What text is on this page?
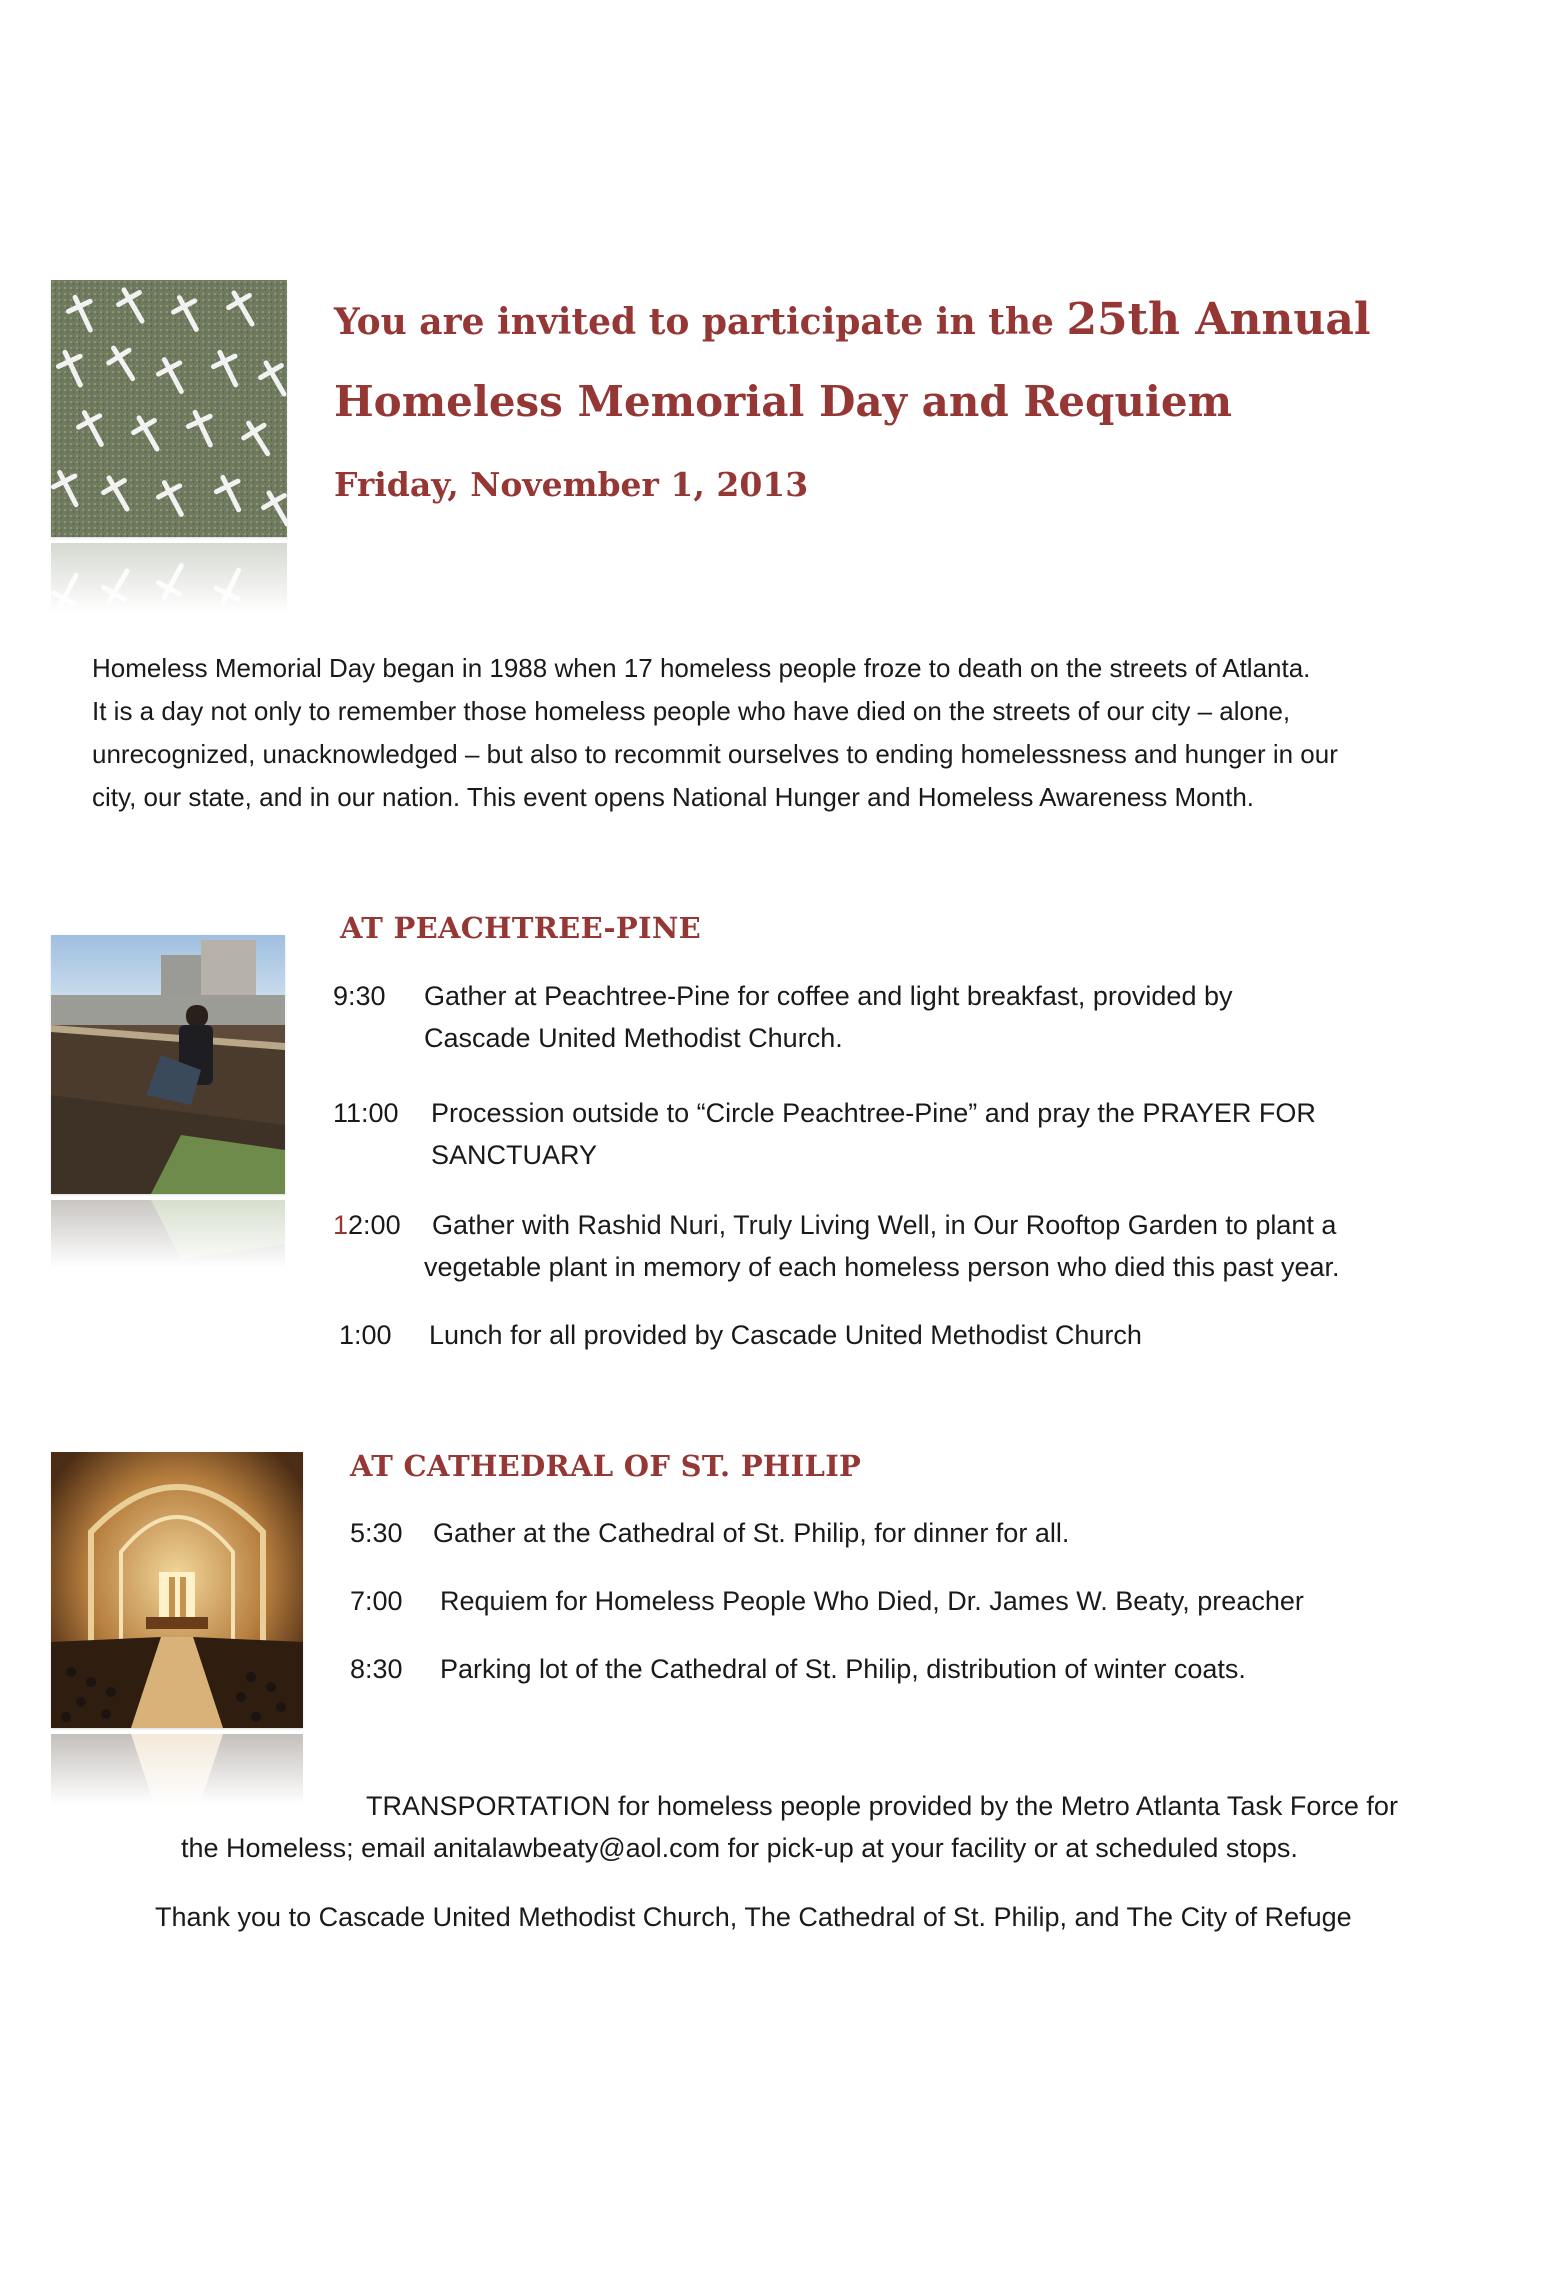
You are invited to participate in the 25th Annual
Homeless Memorial Day and Requiem
Friday, November 1, 2013
Homeless Memorial Day began in 1988 when 17 homeless people froze to death on the streets of Atlanta.
It is a day not only to remember those homeless people who have died on the streets of our city – alone,
unrecognized, unacknowledged – but also to recommit ourselves to ending homelessness and hunger in our
city, our state, and in our nation. This event opens National Hunger and Homeless Awareness Month.
AT PEACHTREE-PINE
9:30 Gather at Peachtree-Pine for coffee and light breakfast, provided by
Cascade United Methodist Church.
11:00 Procession outside to “Circle Peachtree-Pine” and pray the PRAYER FOR
SANCTUARY
12:00 Gather with Rashid Nuri, Truly Living Well, in Our Rooftop Garden to plant a
vegetable plant in memory of each homeless person who died this past year.
1:00 Lunch for all provided by Cascade United Methodist Church
AT CATHEDRAL OF ST. PHILIP
5:30 Gather at the Cathedral of St. Philip, for dinner for all.
7:00 Requiem for Homeless People Who Died, Dr. James W. Beaty, preacher
8:30 Parking lot of the Cathedral of St. Philip, distribution of winter coats.
TRANSPORTATION for homeless people provided by the Metro Atlanta Task Force for
the Homeless; email anitalawbeaty@aol.com for pick-up at your facility or at scheduled stops.
Thank you to Cascade United Methodist Church, The Cathedral of St. Philip, and The City of Refuge
